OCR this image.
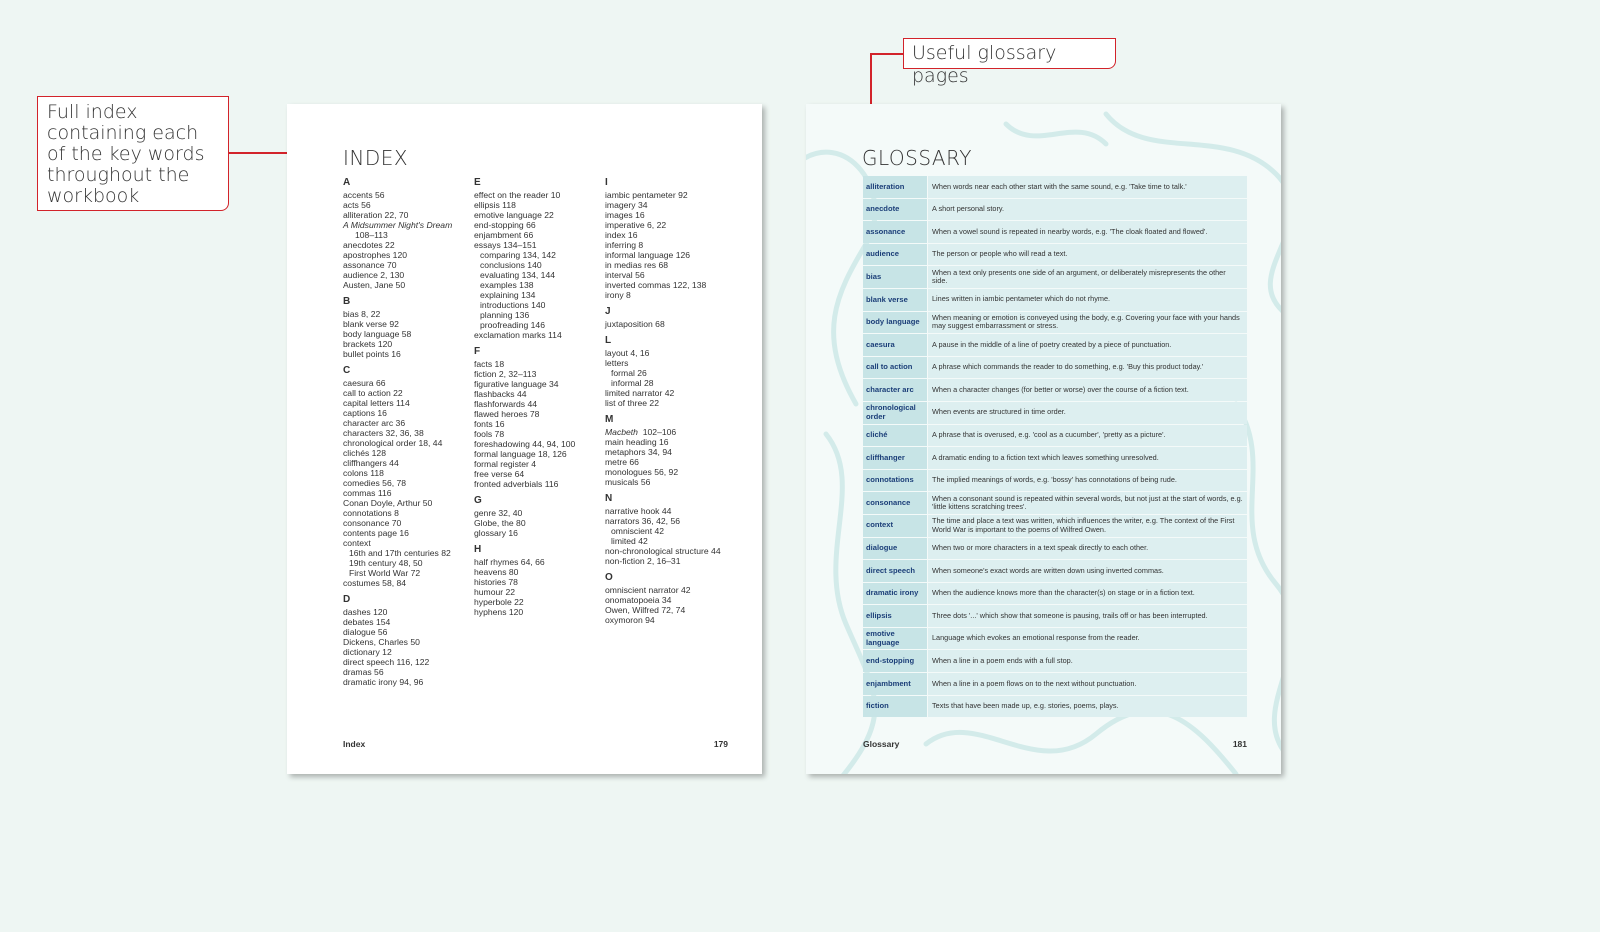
Full index containing each of the key words throughout the workbook
Useful glossary pages
INDEX
A
accents 56
acts 56
alliteration 22, 70
A Midsummer Night's Dream
108–113
anecdotes 22
apostrophes 120
assonance 70
audience 2, 130
Austen, Jane 50
B
bias 8, 22
blank verse 92
body language 58
brackets 120
bullet points 16
C
caesura 66
call to action 22
capital letters 114
captions 16
character arc 36
characters 32, 36, 38
chronological order 18, 44
clichés 128
cliffhangers 44
colons 118
comedies 56, 78
commas 116
Conan Doyle, Arthur 50
connotations 8
consonance 70
contents page 16
context
16th and 17th centuries 82
19th century 48, 50
First World War 72
costumes 58, 84
D
dashes 120
debates 154
dialogue 56
Dickens, Charles 50
dictionary 12
direct speech 116, 122
dramas 56
dramatic irony 94, 96
E
effect on the reader 10
ellipsis 118
emotive language 22
end-stopping 66
enjambment 66
essays 134–151
comparing 134, 142
conclusions 140
evaluating 134, 144
examples 138
explaining 134
introductions 140
planning 136
proofreading 146
exclamation marks 114
F
facts 18
fiction 2, 32–113
figurative language 34
flashbacks 44
flashforwards 44
flawed heroes 78
fonts 16
fools 78
foreshadowing 44, 94, 100
formal language 18, 126
formal register 4
free verse 64
fronted adverbials 116
G
genre 32, 40
Globe, the 80
glossary 16
H
half rhymes 64, 66
heavens 80
histories 78
humour 22
hyperbole 22
hyphens 120
I
iambic pentameter 92
imagery 34
images 16
imperative 6, 22
index 16
inferring 8
informal language 126
in medias res 68
interval 56
inverted commas 122, 138
irony 8
J
juxtaposition 68
L
layout 4, 16
letters
formal 26
informal 28
limited narrator 42
list of three 22
M
Macbeth  102–106
main heading 16
metaphors 34, 94
metre 66
monologues 56, 92
musicals 56
N
narrative hook 44
narrators 36, 42, 56
omniscient 42
limited 42
non-chronological structure 44
non-fiction 2, 16–31
O
omniscient narrator 42
onomatopoeia 34
Owen, Wilfred 72, 74
oxymoron 94
Index	179
GLOSSARY
alliteration	When words near each other start with the same sound, e.g. 'Take time to talk.'
anecdote	A short personal story.
assonance	When a vowel sound is repeated in nearby words, e.g. 'The cloak floated and flowed'.
audience	The person or people who will read a text.
bias	When a text only presents one side of an argument, or deliberately misrepresents the other side.
blank verse	Lines written in iambic pentameter which do not rhyme.
body language	When meaning or emotion is conveyed using the body, e.g. Covering your face with your hands may suggest embarrassment or stress.
caesura	A pause in the middle of a line of poetry created by a piece of punctuation.
call to action	A phrase which commands the reader to do something, e.g. 'Buy this product today.'
character arc	When a character changes (for better or worse) over the course of a fiction text.
chronological order	When events are structured in time order.
cliché	A phrase that is overused, e.g. 'cool as a cucumber', 'pretty as a picture'.
cliffhanger	A dramatic ending to a fiction text which leaves something unresolved.
connotations	The implied meanings of words, e.g. 'bossy' has connotations of being rude.
consonance	When a consonant sound is repeated within several words, but not just at the start of words, e.g. 'little kittens scratching trees'.
context	The time and place a text was written, which influences the writer, e.g. The context of the First World War is important to the poems of Wilfred Owen.
dialogue	When two or more characters in a text speak directly to each other.
direct speech	When someone's exact words are written down using inverted commas.
dramatic irony	When the audience knows more than the character(s) on stage or in a fiction text.
ellipsis	Three dots '...' which show that someone is pausing, trails off or has been interrupted.
emotive language	Language which evokes an emotional response from the reader.
end-stopping	When a line in a poem ends with a full stop.
enjambment	When a line in a poem flows on to the next without punctuation.
fiction	Texts that have been made up, e.g. stories, poems, plays.
Glossary	181
